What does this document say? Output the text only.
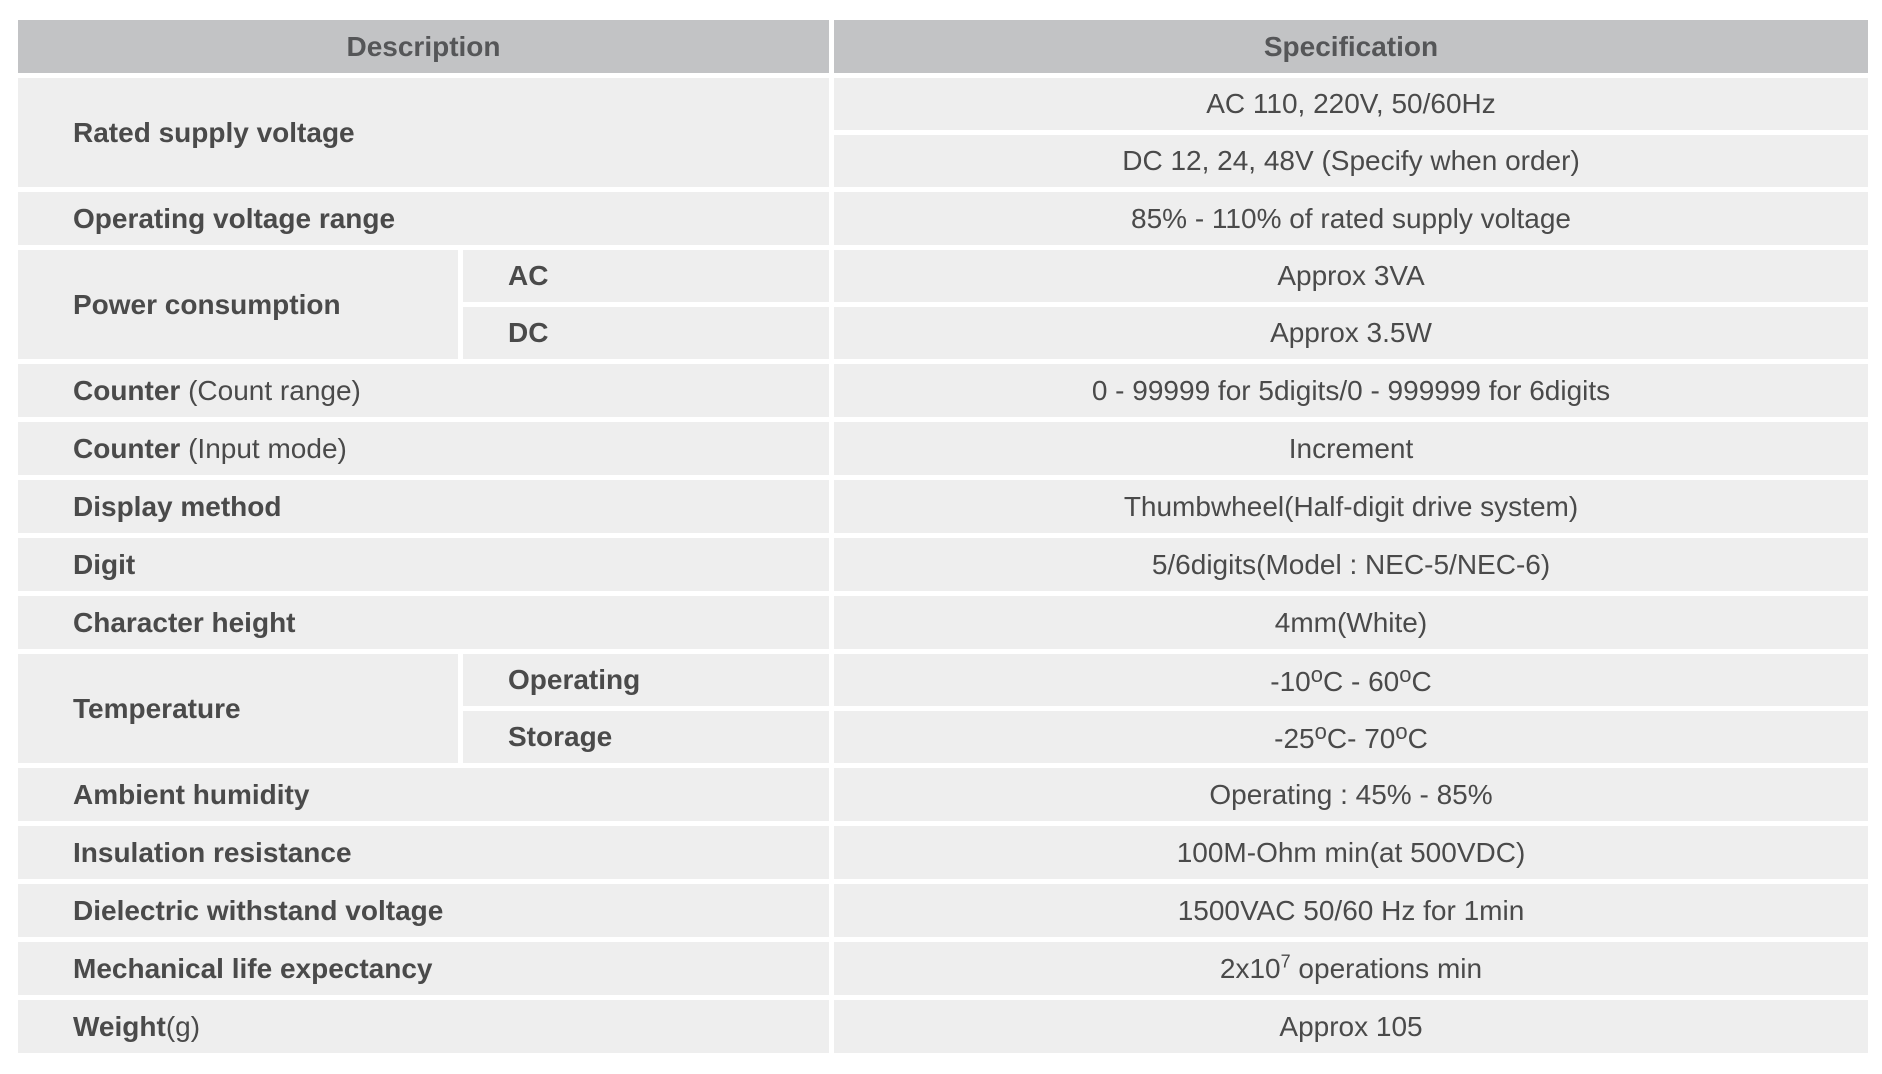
Description		Specification
Rated supply voltage		AC 110, 220V, 50/60Hz
		DC 12, 24, 48V (Specify when order)
Operating voltage range		85% - 110% of rated supply voltage
Power consumption	AC	Approx 3VA
	DC	Approx 3.5W
Counter (Count range)		0 - 99999 for 5digits/0 - 999999 for 6digits
Counter (Input mode)		Increment
Display method		Thumbwheel(Half-digit drive system)
Digit		5/6digits(Model : NEC-5/NEC-6)
Character height		4mm(White)
Temperature	Operating	-10$^o$C - 60$^o$C
	Storage	-25$^o$C- 70$^o$C
Ambient humidity		Operating : 45% - 85%
Insulation resistance		100M-Ohm min(at 500VDC)
Dielectric withstand voltage		1500VAC 50/60 Hz for 1min
Mechanical life expectancy		$2x10^7$ operations min
Weight(g)		Approx 105
